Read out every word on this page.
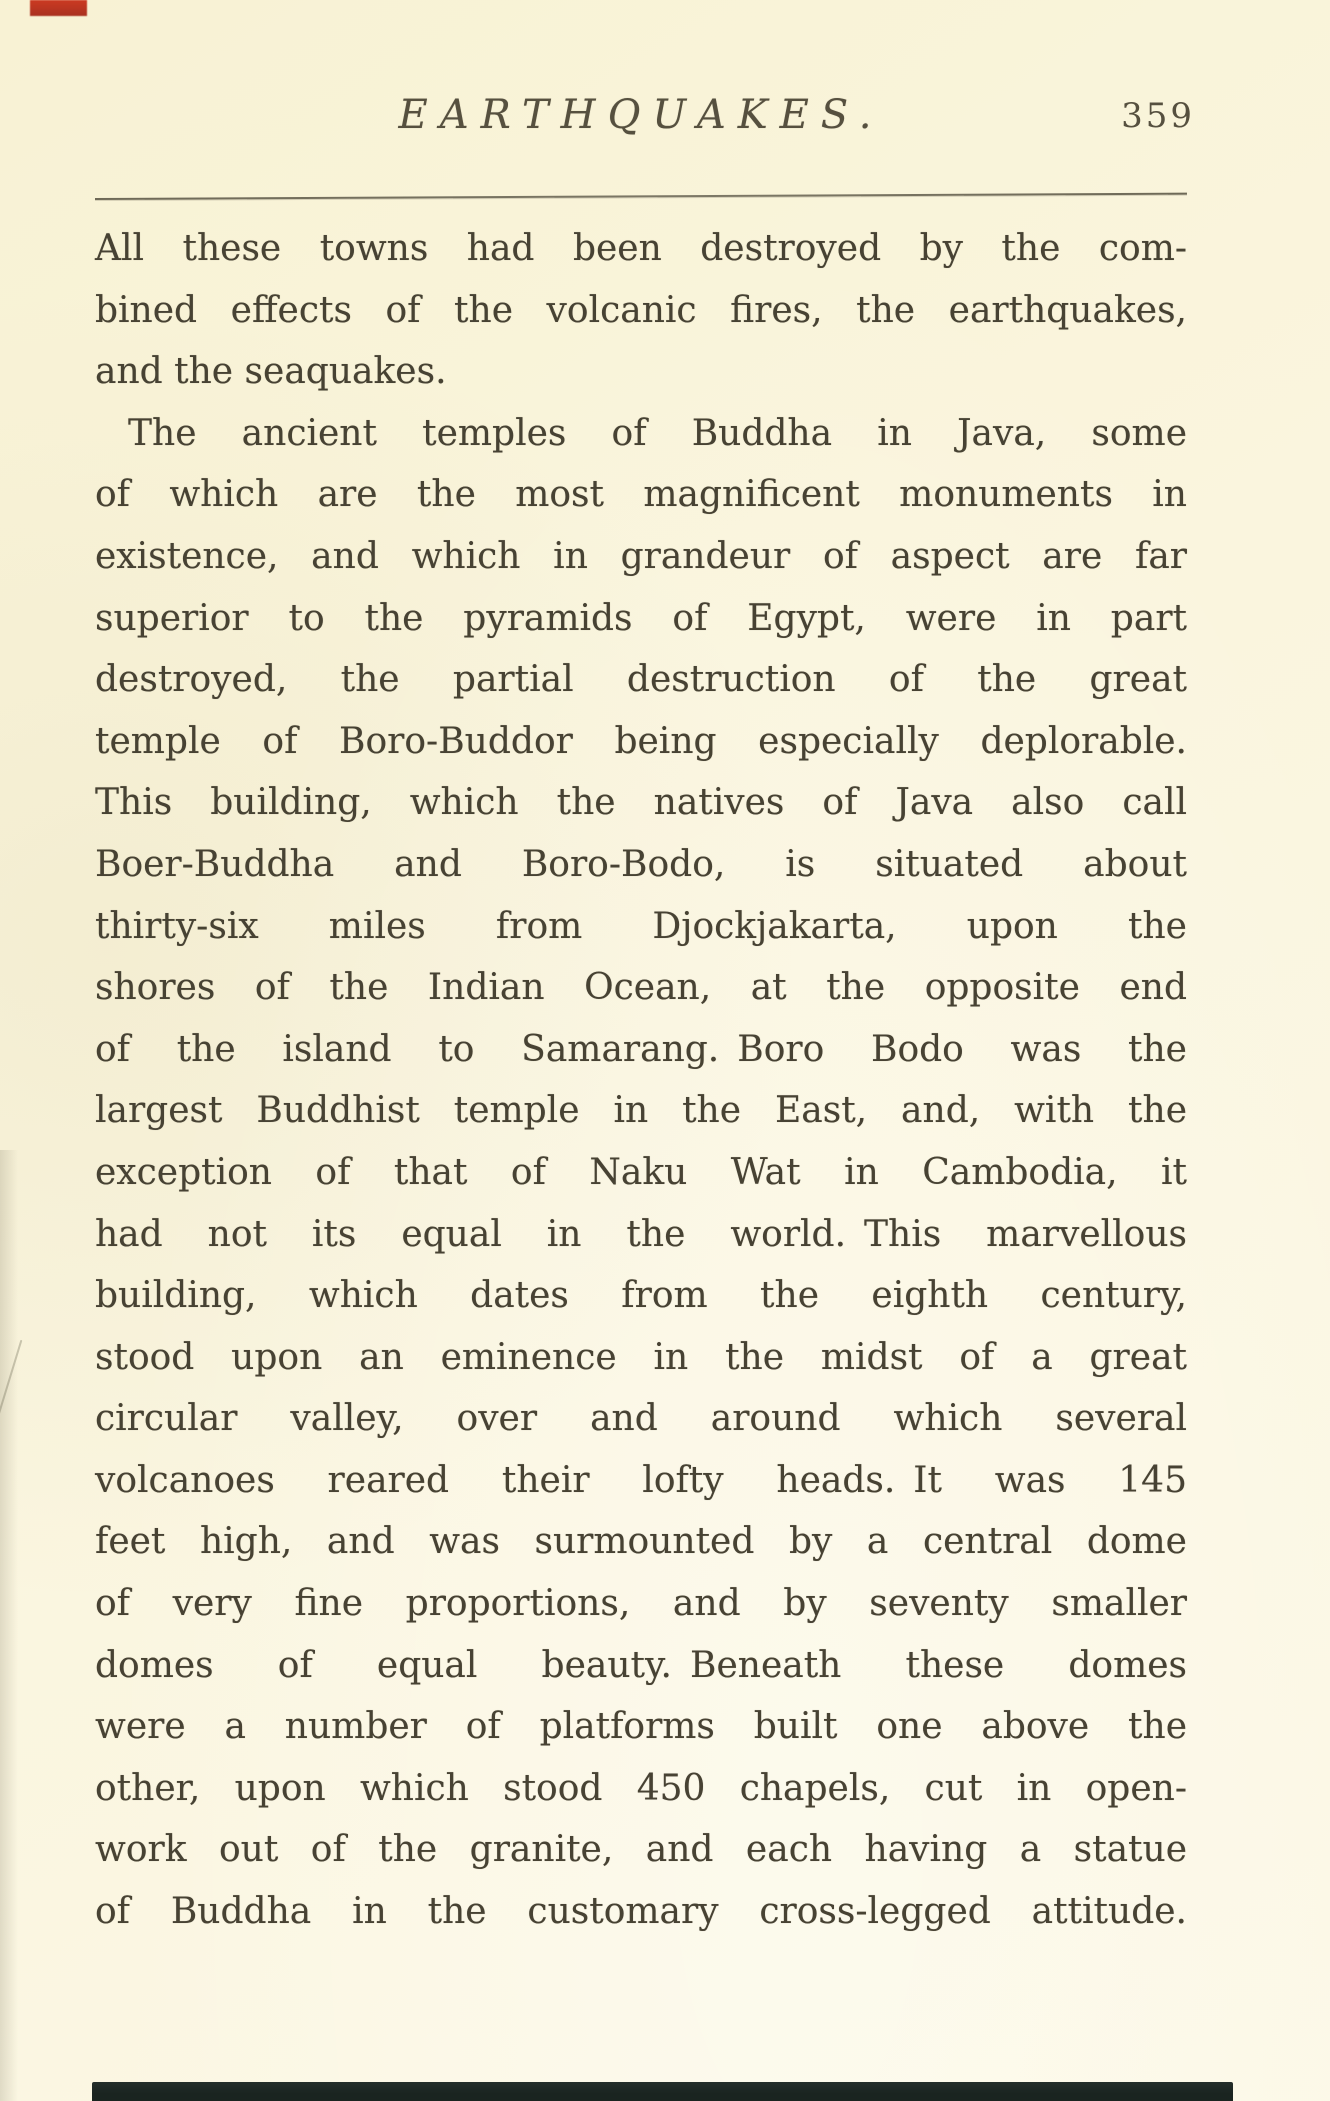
EARTHQUAKES.	359
All these towns had been destroyed by the com-
bined effects of the volcanic fires, the earthquakes,
and the seaquakes.
The ancient temples of Buddha in Java, some
of which are the most magnificent monuments in
existence, and which in grandeur of aspect are far
superior to the pyramids of Egypt, were in part
destroyed, the partial destruction of the great
temple of Boro-Buddor being especially deplorable.
This building, which the natives of Java also call
Boer-Buddha and Boro-Bodo, is situated about
thirty-six miles from Djockjakarta, upon the
shores of the Indian Ocean, at the opposite end
of the island to Samarang. Boro Bodo was the
largest Buddhist temple in the East, and, with the
exception of that of Naku Wat in Cambodia, it
had not its equal in the world. This marvellous
building, which dates from the eighth century,
stood upon an eminence in the midst of a great
circular valley, over and around which several
volcanoes reared their lofty heads. It was 145
feet high, and was surmounted by a central dome
of very fine proportions, and by seventy smaller
domes of equal beauty. Beneath these domes
were a number of platforms built one above the
other, upon which stood 450 chapels, cut in open-
work out of the granite, and each having a statue
of Buddha in the customary cross-legged attitude.
